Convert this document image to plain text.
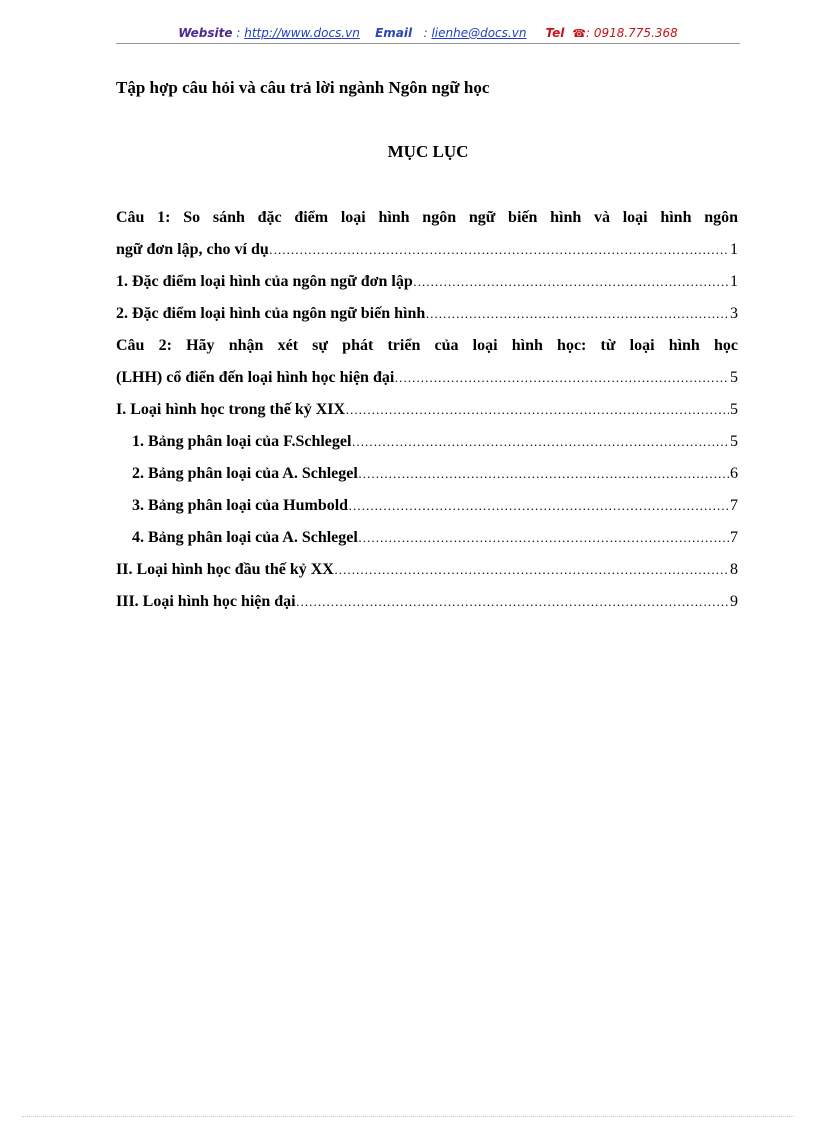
Website : http://www.docs.vn Email : lienhe@docs.vn Tel ☎: 0918.775.368
Tập hợp câu hỏi và câu trả lời ngành Ngôn ngữ học
MỤC LỤC
Câu 1: So sánh đặc điểm loại hình ngôn ngữ biến hình và loại hình ngôn
ngữ đơn lập, cho ví dụ ……………………………………………………………………………………………………………………………………………………………………………	1
1. Đặc điểm loại hình của ngôn ngữ đơn lập ……………………………………………………………………………………………………………………………………………………………………………	1
2. Đặc điểm loại hình của ngôn ngữ biến hình ……………………………………………………………………………………………………………………………………………………………………………	3
Câu 2: Hãy nhận xét sự phát triển của loại hình học: từ loại hình học
(LHH) cổ điển đến loại hình học hiện đại ……………………………………………………………………………………………………………………………………………………………………………	5
I. Loại hình học trong thế kỷ XIX ……………………………………………………………………………………………………………………………………………………………………………	5
1. Bảng phân loại của F.Schlegel ……………………………………………………………………………………………………………………………………………………………………………	5
2. Bảng phân loại của A. Schlegel ……………………………………………………………………………………………………………………………………………………………………………	6
3. Bảng phân loại của Humbold ……………………………………………………………………………………………………………………………………………………………………………	7
4. Bảng phân loại của A. Schlegel ……………………………………………………………………………………………………………………………………………………………………………	7
II. Loại hình học đầu thế kỷ XX ……………………………………………………………………………………………………………………………………………………………………………	8
III. Loại hình học hiện đại ……………………………………………………………………………………………………………………………………………………………………………	9
